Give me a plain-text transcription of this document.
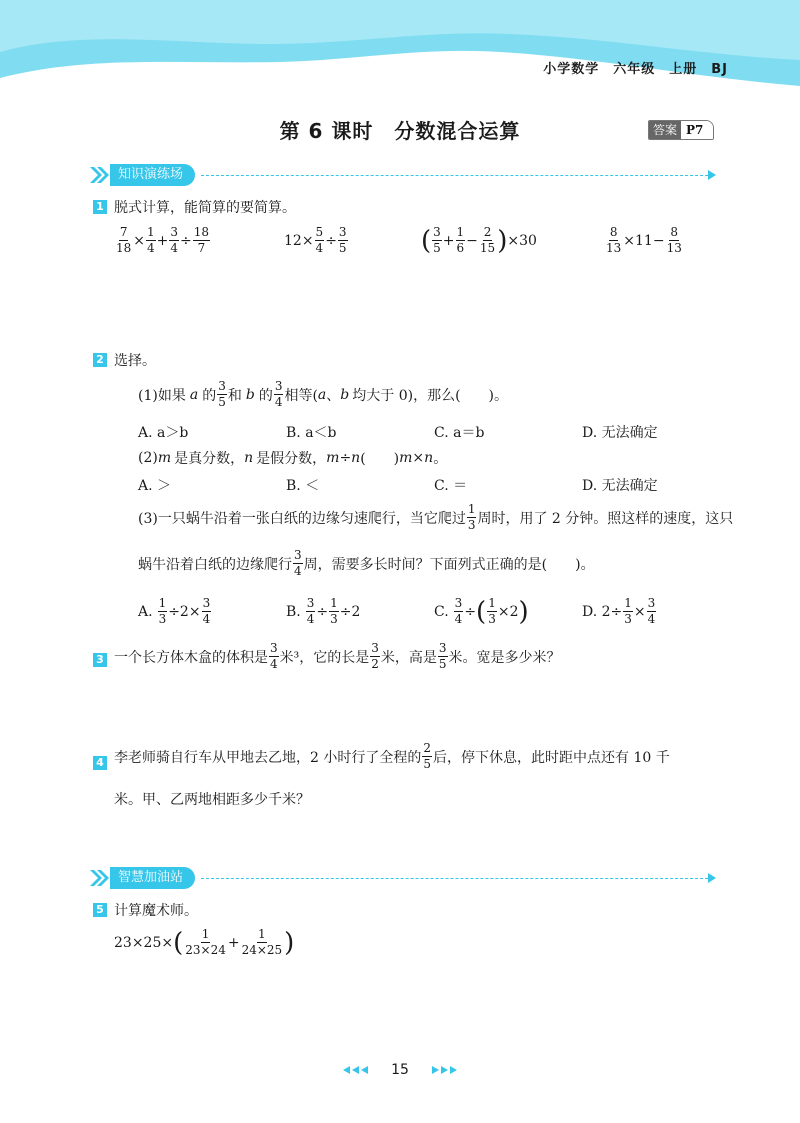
小学数学　六年级　上册　BJ
第 6 课时　分数混合运算	答案 P7
知识演练场
1 脱式计算，能简算的要简算。
$\frac{7}{18} \times \frac{1}{4} + \frac{3}{4} \div \frac{18}{7}$	$12\times \frac{5}{4} \div \frac{3}{5}$	( $\frac{3}{5} + \frac{1}{6} - \frac{2}{15}$ ) ×30	$\frac{8}{13} \times 11- \frac{8}{13}$
2 选择。
(1)如果 a 的 $\frac{3}{5}$ 和 b 的 $\frac{3}{4}$ 相等( a 、 b 均大于 0)，那么(　　)。
A. a＞b	B. a＜b	C. a＝b	D. 无法确定
(2) m 是真分数， n 是假分数， m ÷ n (　　) m × n 。
A. ＞	B. ＜	C. ＝	D. 无法确定
(3)一只蜗牛沿着一张白纸的边缘匀速爬行，当它爬过 $\frac{1}{3}$ 周时，用了 2 分钟。照这样的速度，这只
蜗牛沿着白纸的边缘爬行 $\frac{3}{4}$ 周，需要多长时间？下面列式正确的是(　　)。
A. $\frac{1}{3} \div 2\times \frac{3}{4}$	B. $\frac{3}{4} \div \frac{1}{3} \div 2$	C. $\frac{3}{4}$ ÷ ( $\frac{1}{3} \times 2$ )	D. $2\div \frac{1}{3} \times \frac{3}{4}$
3 一个长方体木盒的体积是 $\frac{3}{4}$ 米³，它的长是 $\frac{3}{2}$ 米，高是 $\frac{3}{5}$ 米。宽是多少米？
4 李老师骑自行车从甲地去乙地，2 小时行了全程的 $\frac{2}{5}$ 后，停下休息，此时距中点还有 10 千
米。甲、乙两地相距多少千米？
智慧加油站
5 计算魔术师。
23×25× ( $\frac{1}{23\times 24} + \frac{1}{24\times 25}$ )
15
